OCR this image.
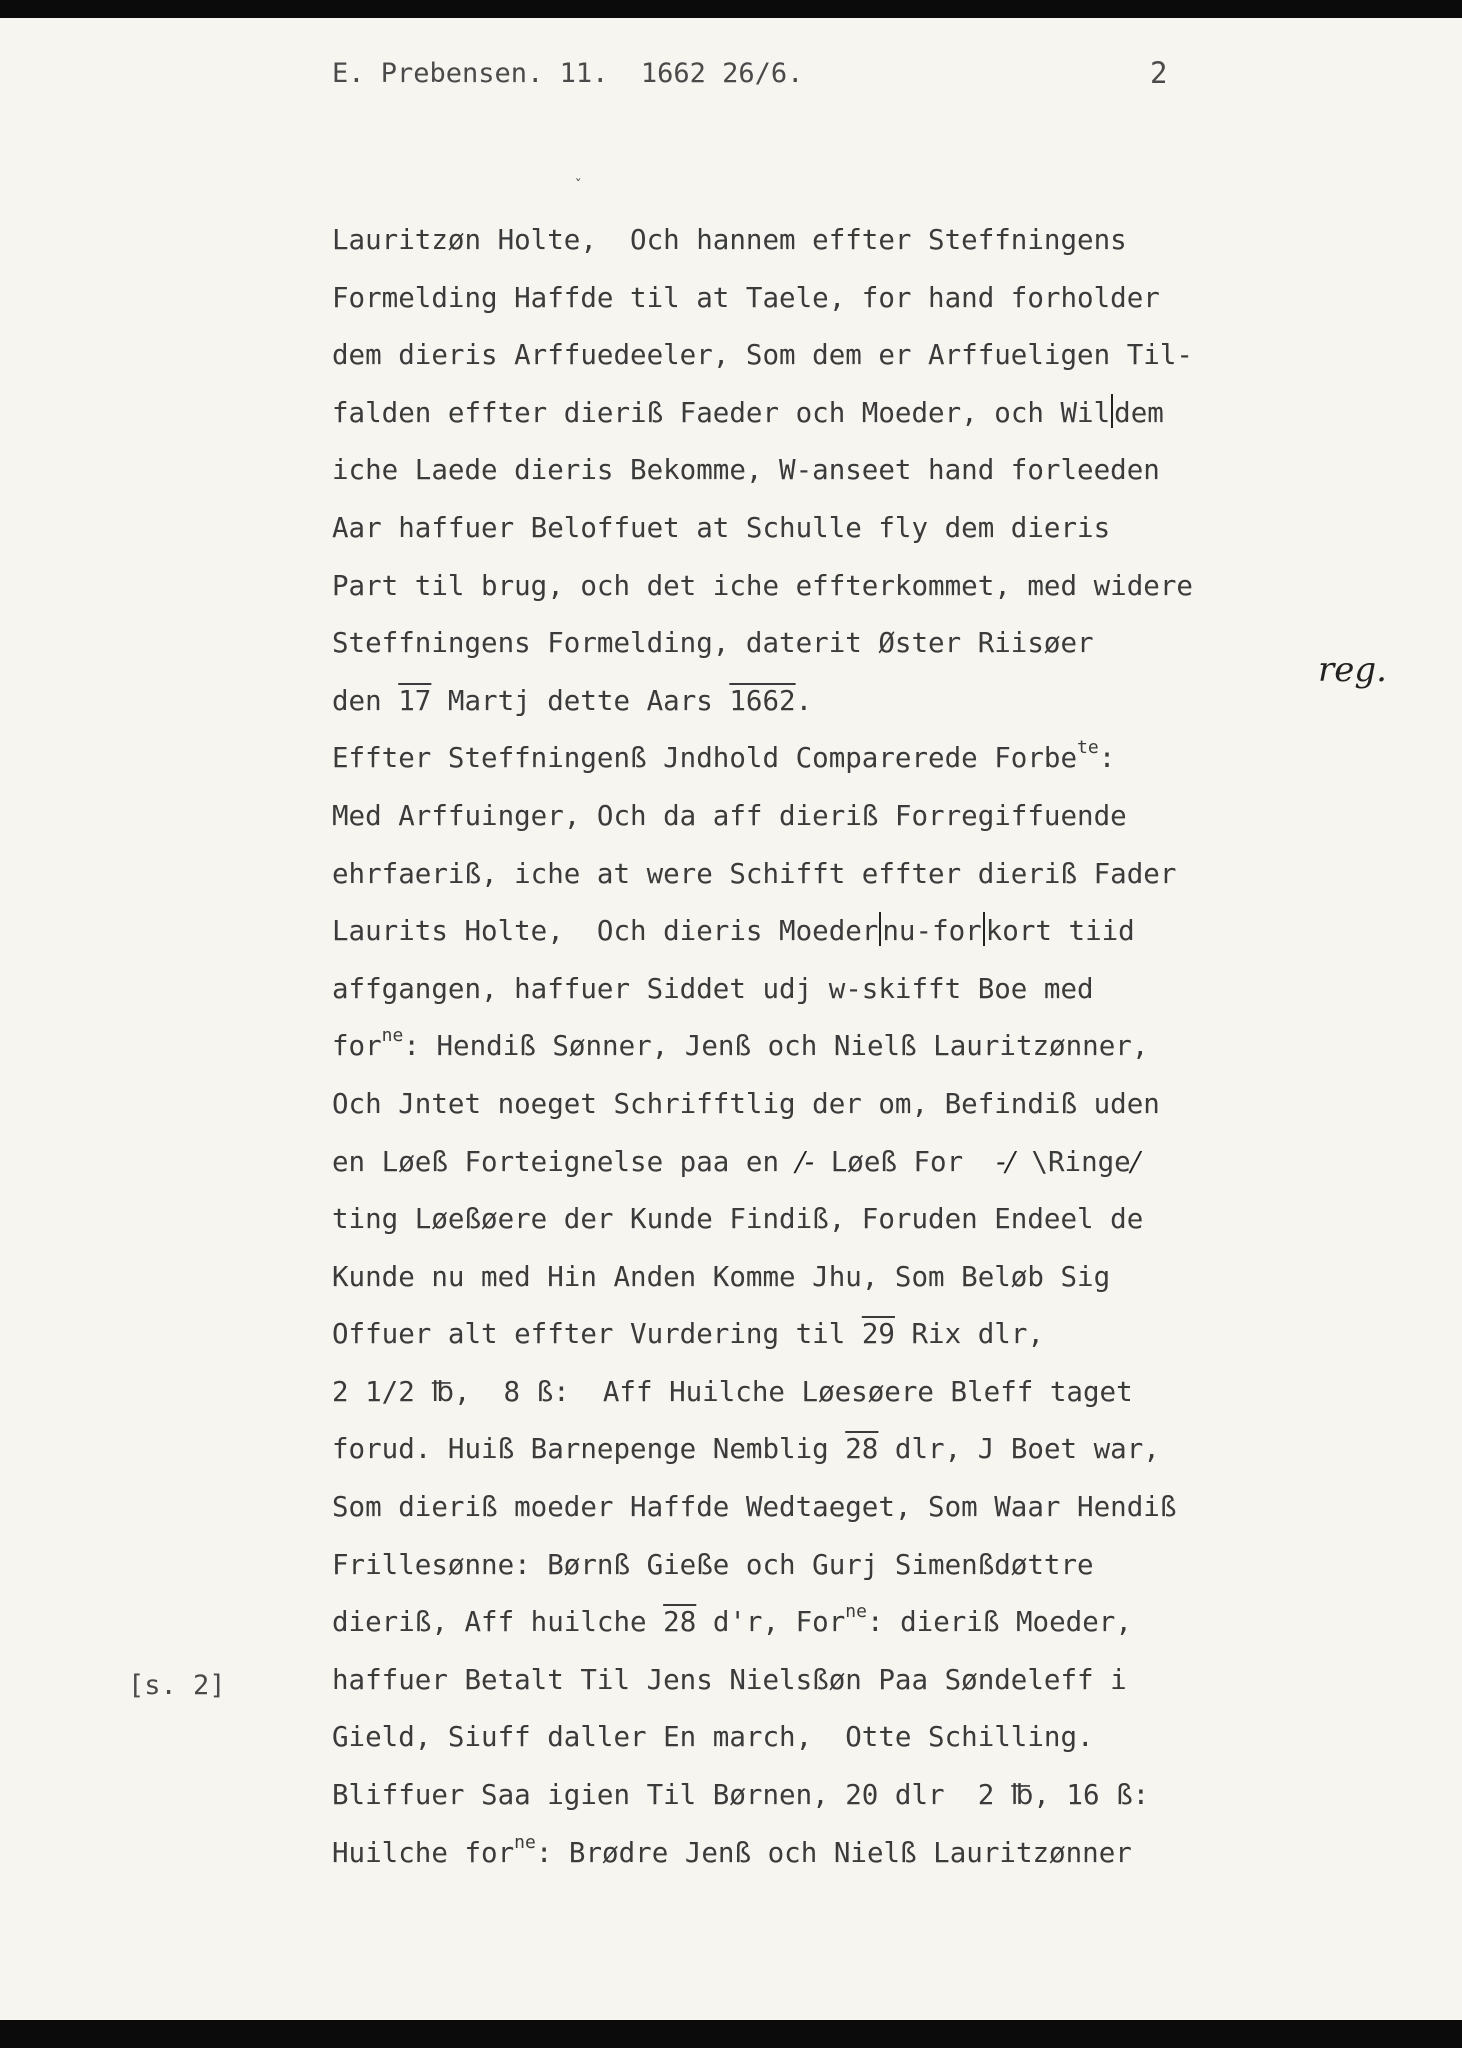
E. Prebensen. 11.  1662 26/6.	2
ˇ
Lauritzøn Holte,  Och hannem effter Steffningens
Formelding Haffde til at Taele, for hand forholder
dem dieris Arffuedeeler, Som dem er Arffueligen Til-
falden effter dieriß Faeder och Moeder, och Wil dem
iche Laede dieris Bekomme, W-anseet hand forleeden
Aar haffuer Beloffuet at Schulle fly dem dieris
Part til brug, och det iche effterkommet, med widere
Steffningens Formelding, daterit Øster Riisøer
den 17 Martj dette Aars 1662.
Effter Steffningenß Jndhold Comparerede Forbe$^{te}$:
Med Arffuinger, Och da aff dieriß Forregiffuende
ehrfaeriß, iche at were Schifft effter dieriß Fader
Laurits Holte,  Och dieris Moeder nu-for kort tiid
affgangen, haffuer Siddet udj w-skifft Boe med
for$^{ne}$: Hendiß Sønner, Jenß och Nielß Lauritzønner,
Och Jntet noeget Schrifftlig der om, Befindiß uden
en Løeß Forteignelse paa en /- Løeß For  -/ \Ringe/
ting Løeßøere der Kunde Findiß, Foruden Endeel de
Kunde nu med Hin Anden Komme Jhu, Som Beløb Sig
Offuer alt effter Vurdering til 29 Rix dlr,
2 1/2 ℔,  8 ß:  Aff Huilche Løesøere Bleff taget
forud. Huiß Barnepenge Nemblig 28 dlr, J Boet war,
Som dieriß moeder Haffde Wedtaeget, Som Waar Hendiß
Frillesønne: Børnß Gieße och Gurj Simenßdøttre
dieriß, Aff huilche 28 d'r, For$^{ne}$: dieriß Moeder,
haffuer Betalt Til Jens Nielsßøn Paa Søndeleff i
Gield, Siuff daller En march,  Otte Schilling.
Bliffuer Saa igien Til Børnen, 20 dlr  2 ℔, 16 ß:
Huilche for$^{ne}$: Brødre Jenß och Nielß Lauritzønner
reg.
[s. 2]
